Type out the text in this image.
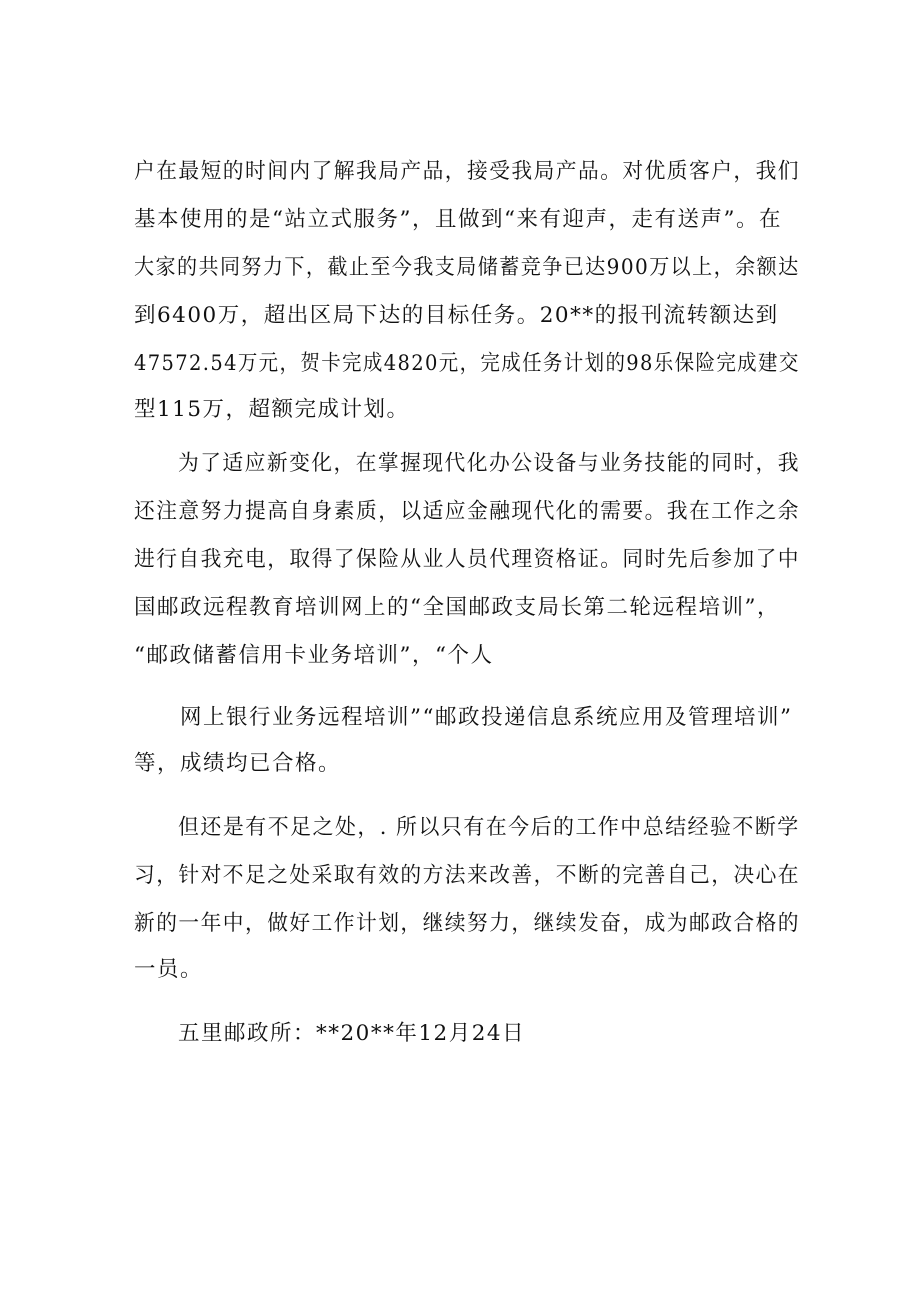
户在最短的时间内了解我局产品，接受我局产品。对优质客户，我们
基本使用的是“站立式服务”，且做到“来有迎声，走有送声”。在
大家的共同努力下，截止至今我支局储蓄竞争已达900万以上，余额达
到6400万，超出区局下达的目标任务。20**的报刊流转额达到
47572.54万元，贺卡完成4820元，完成任务计划的98乐保险完成建交
型115万，超额完成计划。
为了适应新变化，在掌握现代化办公设备与业务技能的同时，我
还注意努力提高自身素质，以适应金融现代化的需要。我在工作之余
进行自我充电，取得了保险从业人员代理资格证。同时先后参加了中
国邮政远程教育培训网上的“全国邮政支局长第二轮远程培训”，
“邮政储蓄信用卡业务培训”，“个人
网上银行业务远程培训”“邮政投递信息系统应用及管理培训”
等，成绩均已合格。
但还是有不足之处，. 所以只有在今后的工作中总结经验不断学
习，针对不足之处采取有效的方法来改善，不断的完善自己，决心在
新的一年中，做好工作计划，继续努力，继续发奋，成为邮政合格的
一员。
五里邮政所：**20**年12月24日
